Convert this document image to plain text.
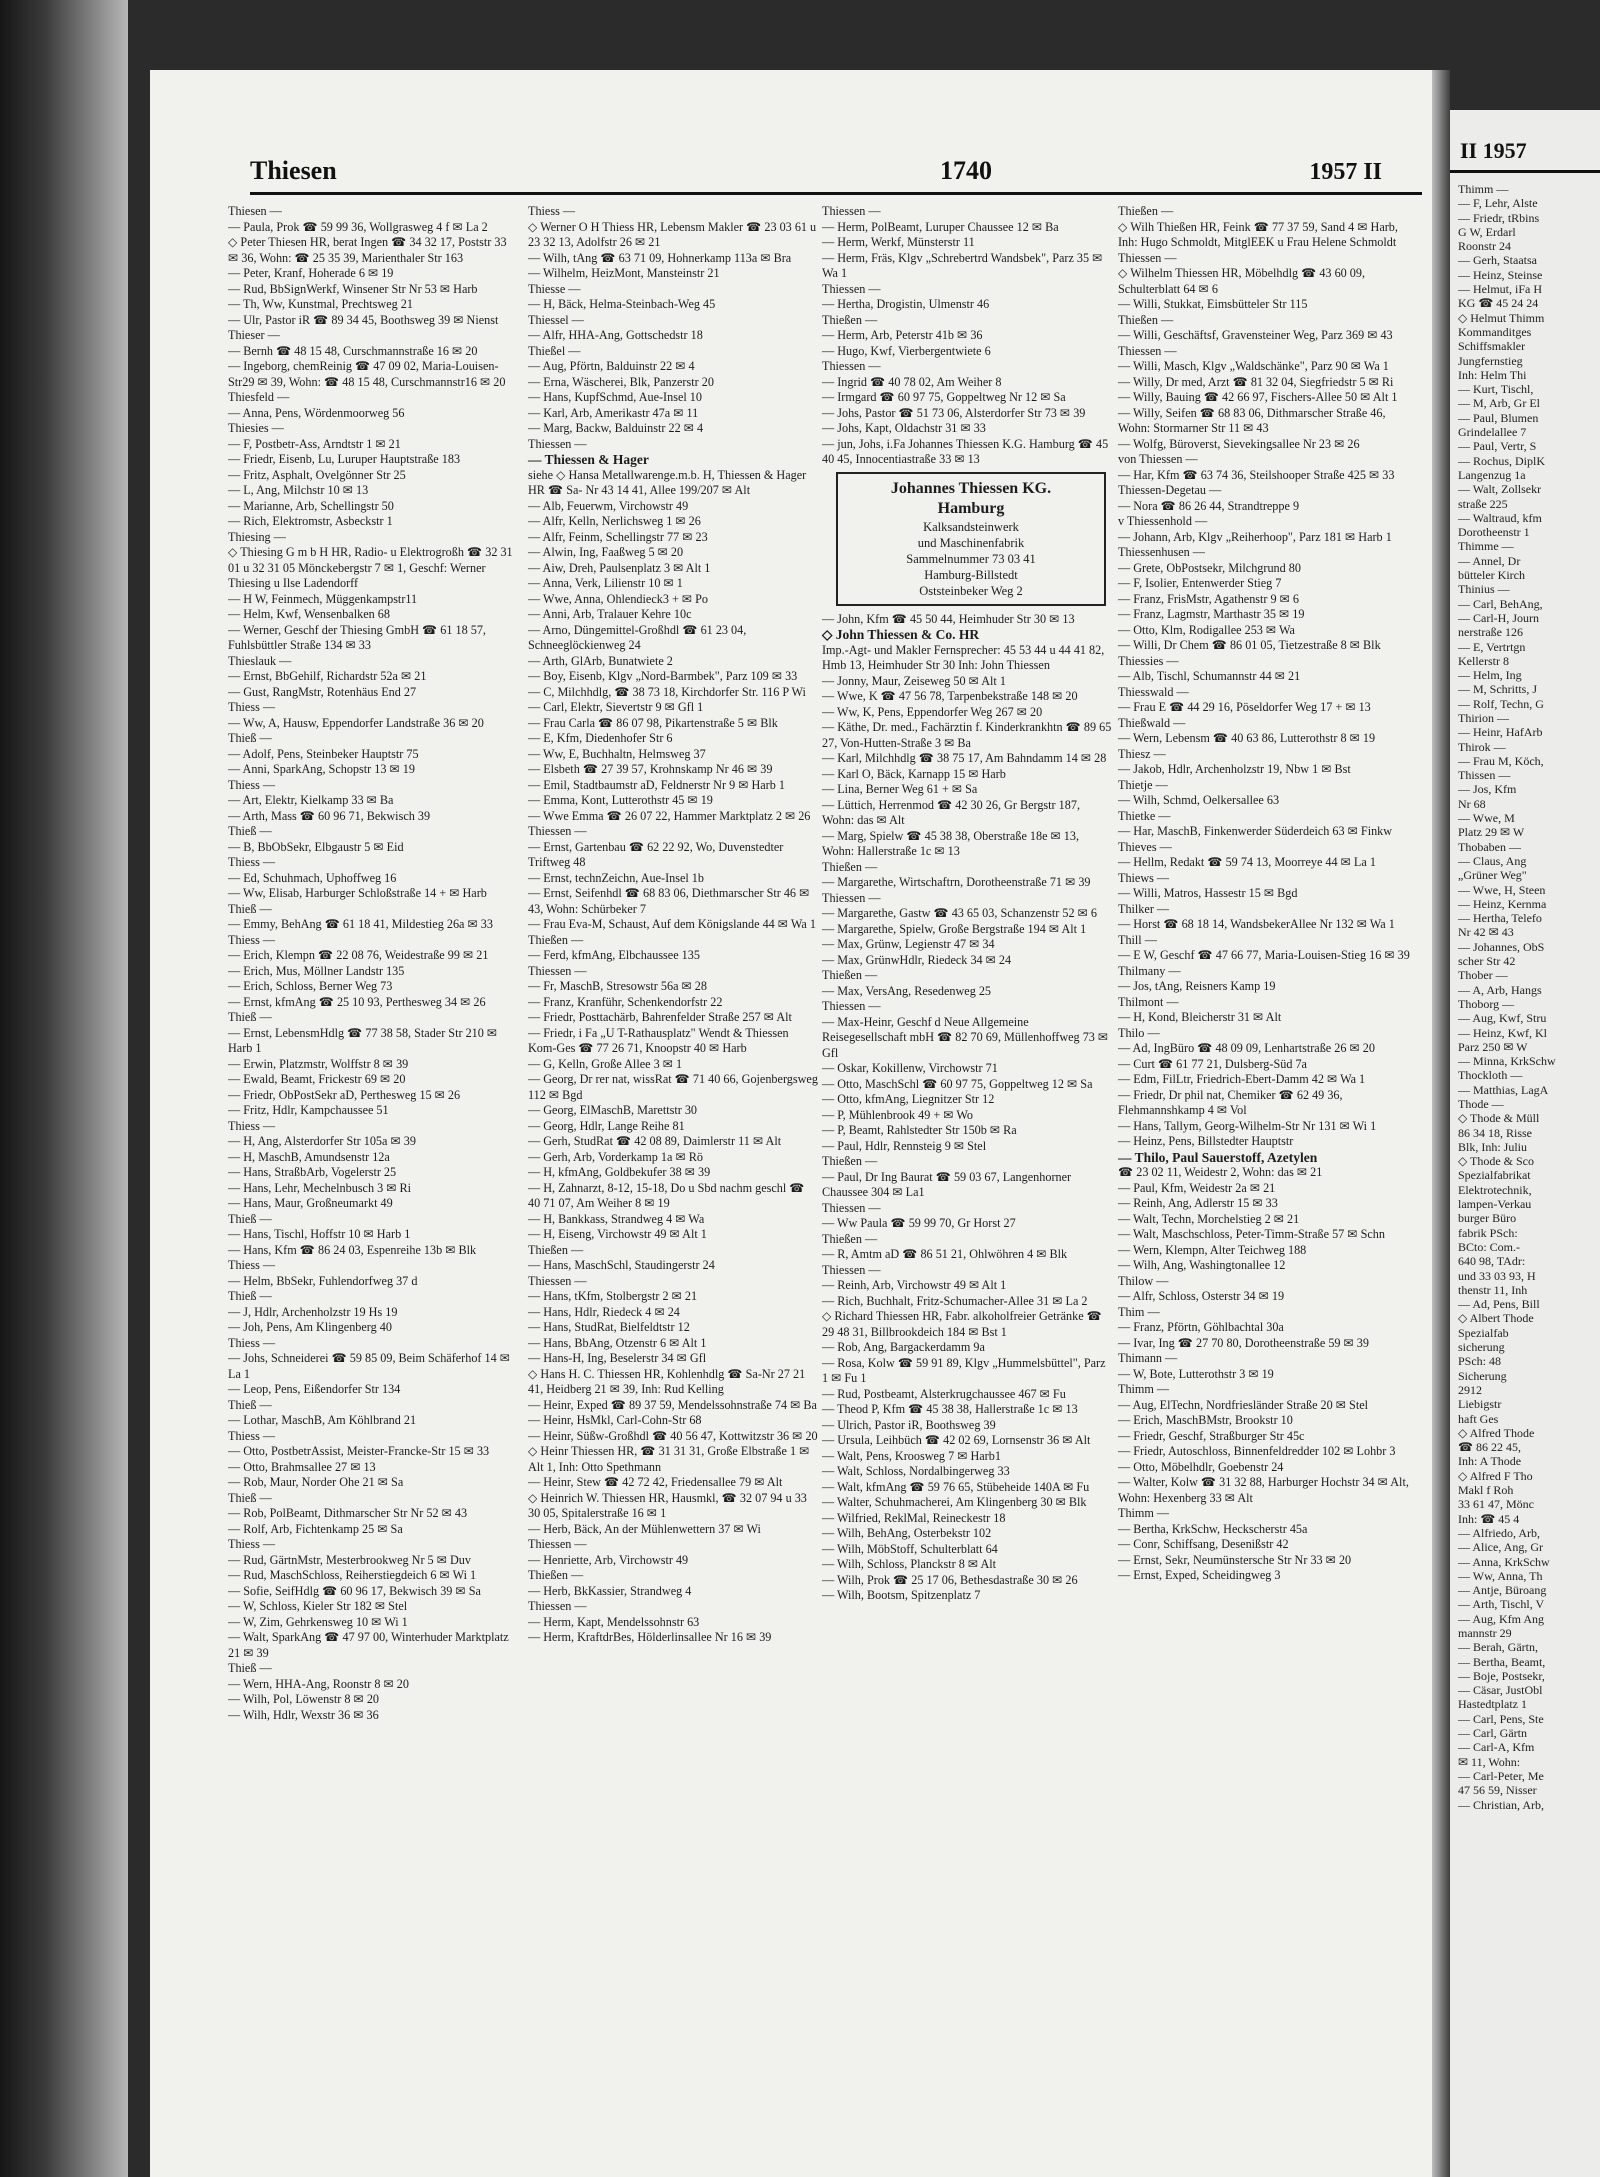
Thiesen	1740	1957 II
Thiesen —
— Paula, Prok ☎ 59 99 36, Wollgrasweg 4 f ✉ La 2
◇ Peter Thiesen HR, berat Ingen ☎ 34 32 17, Poststr 33 ✉ 36, Wohn: ☎ 25 35 39, Marienthaler Str 163
— Peter, Kranf, Hoherade 6 ✉ 19
— Rud, BbSignWerkf, Winsener Str Nr 53 ✉ Harb
— Th, Ww, Kunstmal, Prechtsweg 21
— Ulr, Pastor iR ☎ 89 34 45, Boothsweg 39 ✉ Nienst
Thieser —
— Bernh ☎ 48 15 48, Curschmannstraße 16 ✉ 20
— Ingeborg, chemReinig ☎ 47 09 02, Maria-Louisen-Str29 ✉ 39, Wohn: ☎ 48 15 48, Curschmannstr16 ✉ 20
Thiesfeld —
— Anna, Pens, Wördenmoorweg 56
Thiesies —
— F, Postbetr-Ass, Arndtstr 1 ✉ 21
— Friedr, Eisenb, Lu, Luruper Hauptstraße 183
— Fritz, Asphalt, Ovelgönner Str 25
— L, Ang, Milchstr 10 ✉ 13
— Marianne, Arb, Schellingstr 50
— Rich, Elektromstr, Asbeckstr 1
Thiesing —
◇ Thiesing G m b H HR, Radio- u Elektrogroßh ☎ 32 31 01 u 32 31 05 Mönckebergstr 7 ✉ 1, Geschf: Werner Thiesing u Ilse Ladendorff
— H W, Feinmech, Müggenkampstr11
— Helm, Kwf, Wensenbalken 68
— Werner, Geschf der Thiesing GmbH ☎ 61 18 57, Fuhlsbüttler Straße 134 ✉ 33
Thieslauk —
— Ernst, BbGehilf, Richardstr 52a ✉ 21
— Gust, RangMstr, Rotenhäus End 27
Thiess —
— Ww, A, Hausw, Eppendorfer Landstraße 36 ✉ 20
Thieß —
— Adolf, Pens, Steinbeker Hauptstr 75
— Anni, SparkAng, Schopstr 13 ✉ 19
Thiess —
— Art, Elektr, Kielkamp 33 ✉ Ba
— Arth, Mass ☎ 60 96 71, Bekwisch 39
Thieß —
— B, BbObSekr, Elbgaustr 5 ✉ Eid
Thiess —
— Ed, Schuhmach, Uphoffweg 16
— Ww, Elisab, Harburger Schloßstraße 14 + ✉ Harb
Thieß —
— Emmy, BehAng ☎ 61 18 41, Mildestieg 26a ✉ 33
Thiess —
— Erich, Klempn ☎ 22 08 76, Weidestraße 99 ✉ 21
— Erich, Mus, Möllner Landstr 135
— Erich, Schloss, Berner Weg 73
— Ernst, kfmAng ☎ 25 10 93, Perthesweg 34 ✉ 26
Thieß —
— Ernst, LebensmHdlg ☎ 77 38 58, Stader Str 210 ✉ Harb 1
— Erwin, Platzmstr, Wolffstr 8 ✉ 39
— Ewald, Beamt, Frickestr 69 ✉ 20
— Friedr, ObPostSekr aD, Perthesweg 15 ✉ 26
— Fritz, Hdlr, Kampchaussee 51
Thiess —
— H, Ang, Alsterdorfer Str 105a ✉ 39
— H, MaschB, Amundsenstr 12a
— Hans, StraßbArb, Vogelerstr 25
— Hans, Lehr, Mechelnbusch 3 ✉ Ri
— Hans, Maur, Großneumarkt 49
Thieß —
— Hans, Tischl, Hoffstr 10 ✉ Harb 1
— Hans, Kfm ☎ 86 24 03, Espenreihe 13b ✉ Blk
Thiess —
— Helm, BbSekr, Fuhlendorfweg 37 d
Thieß —
— J, Hdlr, Archenholzstr 19 Hs 19
— Joh, Pens, Am Klingenberg 40
Thiess —
— Johs, Schneiderei ☎ 59 85 09, Beim Schäferhof 14 ✉ La 1
— Leop, Pens, Eißendorfer Str 134
Thieß —
— Lothar, MaschB, Am Köhlbrand 21
Thiess —
— Otto, PostbetrAssist, Meister-Francke-Str 15 ✉ 33
— Otto, Brahmsallee 27 ✉ 13
— Rob, Maur, Norder Ohe 21 ✉ Sa
Thieß —
— Rob, PolBeamt, Dithmarscher Str Nr 52 ✉ 43
— Rolf, Arb, Fichtenkamp 25 ✉ Sa
Thiess —
— Rud, GärtnMstr, Mesterbrookweg Nr 5 ✉ Duv
— Rud, MaschSchloss, Reiherstiegdeich 6 ✉ Wi 1
— Sofie, SeifHdlg ☎ 60 96 17, Bekwisch 39 ✉ Sa
— W, Schloss, Kieler Str 182 ✉ Stel
— W, Zim, Gehrkensweg 10 ✉ Wi 1
— Walt, SparkAng ☎ 47 97 00, Winterhuder Marktplatz 21 ✉ 39
Thieß —
— Wern, HHA-Ang, Roonstr 8 ✉ 20
— Wilh, Pol, Löwenstr 8 ✉ 20
— Wilh, Hdlr, Wexstr 36 ✉ 36
Thiess —
◇ Werner O H Thiess HR, Lebensm Makler ☎ 23 03 61 u 23 32 13, Adolfstr 26 ✉ 21
— Wilh, tAng ☎ 63 71 09, Hohnerkamp 113a ✉ Bra
— Wilhelm, HeizMont, Mansteinstr 21
Thiesse —
— H, Bäck, Helma-Steinbach-Weg 45
Thiessel —
— Alfr, HHA-Ang, Gottschedstr 18
Thießel —
— Aug, Pförtn, Balduinstr 22 ✉ 4
— Erna, Wäscherei, Blk, Panzerstr 20
— Hans, KupfSchmd, Aue-Insel 10
— Karl, Arb, Amerikastr 47a ✉ 11
— Marg, Backw, Balduinstr 22 ✉ 4
Thiessen —
— Thiessen & Hager
siehe ◇ Hansa Metallwarenge.m.b. H, Thiessen & Hager HR ☎ Sa- Nr 43 14 41, Allee 199/207 ✉ Alt
— Alb, Feuerwm, Virchowstr 49
— Alfr, Kelln, Nerlichsweg 1 ✉ 26
— Alfr, Feinm, Schellingstr 77 ✉ 23
— Alwin, Ing, Faaßweg 5 ✉ 20
— Aiw, Dreh, Paulsenplatz 3 ✉ Alt 1
— Anna, Verk, Lilienstr 10 ✉ 1
— Wwe, Anna, Ohlendieck3 + ✉ Po
— Anni, Arb, Tralauer Kehre 10c
— Arno, Düngemittel-Großhdl ☎ 61 23 04, Schneeglöckienweg 24
— Arth, GlArb, Bunatwiete 2
— Boy, Eisenb, Klgv „Nord-Barmbek", Parz 109 ✉ 33
— C, Milchhdlg, ☎ 38 73 18, Kirchdorfer Str. 116 P Wi
— Carl, Elektr, Sievertstr 9 ✉ Gfl 1
— Frau Carla ☎ 86 07 98, Pikartenstraße 5 ✉ Blk
— E, Kfm, Diedenhofer Str 6
— Ww, E, Buchhaltn, Helmsweg 37
— Elsbeth ☎ 27 39 57, Krohnskamp Nr 46 ✉ 39
— Emil, Stadtbaumstr aD, Feldnerstr Nr 9 ✉ Harb 1
— Emma, Kont, Lutterothstr 45 ✉ 19
— Wwe Emma ☎ 26 07 22, Hammer Marktplatz 2 ✉ 26
Thiessen —
— Ernst, Gartenbau ☎ 62 22 92, Wo, Duvenstedter Triftweg 48
— Ernst, technZeichn, Aue-Insel 1b
— Ernst, Seifenhdl ☎ 68 83 06, Diethmarscher Str 46 ✉ 43, Wohn: Schürbeker 7
— Frau Eva-M, Schaust, Auf dem Königslande 44 ✉ Wa 1
Thießen —
— Ferd, kfmAng, Elbchaussee 135
Thiessen —
— Fr, MaschB, Stresowstr 56a ✉ 28
— Franz, Kranführ, Schenkendorfstr 22
— Friedr, Posttachärb, Bahrenfelder Straße 257 ✉ Alt
— Friedr, i Fa „U T-Rathausplatz" Wendt & Thiessen Kom-Ges ☎ 77 26 71, Knoopstr 40 ✉ Harb
— G, Kelln, Große Allee 3 ✉ 1
— Georg, Dr rer nat, wissRat ☎ 71 40 66, Gojenbergsweg 112 ✉ Bgd
— Georg, ElMaschB, Marettstr 30
— Georg, Hdlr, Lange Reihe 81
— Gerh, StudRat ☎ 42 08 89, Daimlerstr 11 ✉ Alt
— Gerh, Arb, Vorderkamp 1a ✉ Rö
— H, kfmAng, Goldbekufer 38 ✉ 39
— H, Zahnarzt, 8-12, 15-18, Do u Sbd nachm geschl ☎ 40 71 07, Am Weiher 8 ✉ 19
— H, Bankkass, Strandweg 4 ✉ Wa
— H, Eiseng, Virchowstr 49 ✉ Alt 1
Thießen —
— Hans, MaschSchl, Staudingerstr 24
Thiessen —
— Hans, tKfm, Stolbergstr 2 ✉ 21
— Hans, Hdlr, Riedeck 4 ✉ 24
— Hans, StudRat, Bielfeldtstr 12
— Hans, BbAng, Otzenstr 6 ✉ Alt 1
— Hans-H, Ing, Beselerstr 34 ✉ Gfl
◇ Hans H. C. Thiessen HR, Kohlenhdlg ☎ Sa-Nr 27 21 41, Heidberg 21 ✉ 39, Inh: Rud Kelling
— Heinr, Exped ☎ 89 37 59, Mendelssohnstraße 74 ✉ Ba
— Heinr, HsMkl, Carl-Cohn-Str 68
— Heinr, Süßw-Großhdl ☎ 40 56 47, Kottwitzstr 36 ✉ 20
◇ Heinr Thiessen HR, ☎ 31 31 31, Große Elbstraße 1 ✉ Alt 1, Inh: Otto Spethmann
— Heinr, Stew ☎ 42 72 42, Friedensallee 79 ✉ Alt
◇ Heinrich W. Thiessen HR, Hausmkl, ☎ 32 07 94 u 33 30 05, Spitalerstraße 16 ✉ 1
— Herb, Bäck, An der Mühlenwettern 37 ✉ Wi
Thiessen —
— Henriette, Arb, Virchowstr 49
Thießen —
— Herb, BkKassier, Strandweg 4
Thiessen —
— Herm, Kapt, Mendelssohnstr 63
— Herm, KraftdrBes, Hölderlinsallee Nr 16 ✉ 39
Thiessen —
— Herm, PolBeamt, Luruper Chaussee 12 ✉ Ba
— Herm, Werkf, Münsterstr 11
— Herm, Fräs, Klgv „Schrebertrd Wandsbek", Parz 35 ✉ Wa 1
Thiessen —
— Hertha, Drogistin, Ulmenstr 46
Thießen —
— Herm, Arb, Peterstr 41b ✉ 36
— Hugo, Kwf, Vierbergentwiete 6
Thiessen —
— Ingrid ☎ 40 78 02, Am Weiher 8
— Irmgard ☎ 60 97 75, Goppeltweg Nr 12 ✉ Sa
— Johs, Pastor ☎ 51 73 06, Alsterdorfer Str 73 ✉ 39
— Johs, Kapt, Oldachstr 31 ✉ 33
— jun, Johs, i.Fa Johannes Thiessen K.G. Hamburg ☎ 45 40 45, Innocentiastraße 33 ✉ 13
Johannes Thiessen KG.
Hamburg
Kalksandsteinwerk
und Maschinenfabrik
Sammelnummer 73 03 41
Hamburg-Billstedt
Oststeinbeker Weg 2
— John, Kfm ☎ 45 50 44, Heimhuder Str 30 ✉ 13
◇ John Thiessen & Co. HR
Imp.-Agt- und Makler Fernsprecher: 45 53 44 u 44 41 82, Hmb 13, Heimhuder Str 30 Inh: John Thiessen
— Jonny, Maur, Zeiseweg 50 ✉ Alt 1
— Wwe, K ☎ 47 56 78, Tarpenbekstraße 148 ✉ 20
— Ww, K, Pens, Eppendorfer Weg 267 ✉ 20
— Käthe, Dr. med., Fachärztin f. Kinderkrankhtn ☎ 89 65 27, Von-Hutten-Straße 3 ✉ Ba
— Karl, Milchhdlg ☎ 38 75 17, Am Bahndamm 14 ✉ 28
— Karl O, Bäck, Karnapp 15 ✉ Harb
— Lina, Berner Weg 61 + ✉ Sa
— Lüttich, Herrenmod ☎ 42 30 26, Gr Bergstr 187, Wohn: das ✉ Alt
— Marg, Spielw ☎ 45 38 38, Oberstraße 18e ✉ 13, Wohn: Hallerstraße 1c ✉ 13
Thießen —
— Margarethe, Wirtschaftrn, Dorotheenstraße 71 ✉ 39
Thiessen —
— Margarethe, Gastw ☎ 43 65 03, Schanzenstr 52 ✉ 6
— Margarethe, Spielw, Große Bergstraße 194 ✉ Alt 1
— Max, Grünw, Legienstr 47 ✉ 34
— Max, GrünwHdlr, Riedeck 34 ✉ 24
Thießen —
— Max, VersAng, Resedenweg 25
Thiessen —
— Max-Heinr, Geschf d Neue Allgemeine Reisegesellschaft mbH ☎ 82 70 69, Müllenhoffweg 73 ✉ Gfl
— Oskar, Kokillenw, Virchowstr 71
— Otto, MaschSchl ☎ 60 97 75, Goppeltweg 12 ✉ Sa
— Otto, kfmAng, Liegnitzer Str 12
— P, Mühlenbrook 49 + ✉ Wo
— P, Beamt, Rahlstedter Str 150b ✉ Ra
— Paul, Hdlr, Rennsteig 9 ✉ Stel
Thießen —
— Paul, Dr Ing Baurat ☎ 59 03 67, Langenhorner Chaussee 304 ✉ La1
Thiessen —
— Ww Paula ☎ 59 99 70, Gr Horst 27
Thießen —
— R, Amtm aD ☎ 86 51 21, Ohlwöhren 4 ✉ Blk
Thiessen —
— Reinh, Arb, Virchowstr 49 ✉ Alt 1
— Rich, Buchhalt, Fritz-Schumacher-Allee 31 ✉ La 2
◇ Richard Thiessen HR, Fabr. alkoholfreier Getränke ☎ 29 48 31, Billbrookdeich 184 ✉ Bst 1
— Rob, Ang, Bargackerdamm 9a
— Rosa, Kolw ☎ 59 91 89, Klgv „Hummelsbüttel", Parz 1 ✉ Fu 1
— Rud, Postbeamt, Alsterkrugchaussee 467 ✉ Fu
— Theod P, Kfm ☎ 45 38 38, Hallerstraße 1c ✉ 13
— Ulrich, Pastor iR, Boothsweg 39
— Ursula, Leihbüch ☎ 42 02 69, Lornsenstr 36 ✉ Alt
— Walt, Pens, Kroosweg 7 ✉ Harb1
— Walt, Schloss, Nordalbingerweg 33
— Walt, kfmAng ☎ 59 76 65, Stübeheide 140A ✉ Fu
— Walter, Schuhmacherei, Am Klingenberg 30 ✉ Blk
— Wilfried, ReklMal, Reineckestr 18
— Wilh, BehAng, Osterbekstr 102
— Wilh, MöbStoff, Schulterblatt 64
— Wilh, Schloss, Planckstr 8 ✉ Alt
— Wilh, Prok ☎ 25 17 06, Bethesdastraße 30 ✉ 26
— Wilh, Bootsm, Spitzenplatz 7
Thießen —
◇ Wilh Thießen HR, Feink ☎ 77 37 59, Sand 4 ✉ Harb, Inh: Hugo Schmoldt, MitglEEK u Frau Helene Schmoldt
Thiessen —
◇ Wilhelm Thiessen HR, Möbelhdlg ☎ 43 60 09, Schulterblatt 64 ✉ 6
— Willi, Stukkat, Eimsbütteler Str 115
Thießen —
— Willi, Geschäftsf, Gravensteiner Weg, Parz 369 ✉ 43
Thiessen —
— Willi, Masch, Klgv „Waldschänke", Parz 90 ✉ Wa 1
— Willy, Dr med, Arzt ☎ 81 32 04, Siegfriedstr 5 ✉ Ri
— Willy, Bauing ☎ 42 66 97, Fischers-Allee 50 ✉ Alt 1
— Willy, Seifen ☎ 68 83 06, Dithmarscher Straße 46, Wohn: Stormarner Str 11 ✉ 43
— Wolfg, Büroverst, Sievekingsallee Nr 23 ✉ 26
von Thiessen —
— Har, Kfm ☎ 63 74 36, Steilshooper Straße 425 ✉ 33
Thiessen-Degetau —
— Nora ☎ 86 26 44, Strandtreppe 9
v Thiessenhold —
— Johann, Arb, Klgv „Reiherhoop", Parz 181 ✉ Harb 1
Thiessenhusen —
— Grete, ObPostsekr, Milchgrund 80
— F, Isolier, Entenwerder Stieg 7
— Franz, FrisMstr, Agathenstr 9 ✉ 6
— Franz, Lagmstr, Marthastr 35 ✉ 19
— Otto, Klm, Rodigallee 253 ✉ Wa
— Willi, Dr Chem ☎ 86 01 05, Tietzestraße 8 ✉ Blk
Thiessies —
— Alb, Tischl, Schumannstr 44 ✉ 21
Thiesswald —
— Frau E ☎ 44 29 16, Pöseldorfer Weg 17 + ✉ 13
Thießwald —
— Wern, Lebensm ☎ 40 63 86, Lutterothstr 8 ✉ 19
Thiesz —
— Jakob, Hdlr, Archenholzstr 19, Nbw 1 ✉ Bst
Thietje —
— Wilh, Schmd, Oelkersallee 63
Thietke —
— Har, MaschB, Finkenwerder Süderdeich 63 ✉ Finkw
Thieves —
— Hellm, Redakt ☎ 59 74 13, Moorreye 44 ✉ La 1
Thiews —
— Willi, Matros, Hassestr 15 ✉ Bgd
Thilker —
— Horst ☎ 68 18 14, WandsbekerAllee Nr 132 ✉ Wa 1
Thill —
— E W, Geschf ☎ 47 66 77, Maria-Louisen-Stieg 16 ✉ 39
Thilmany —
— Jos, tAng, Reisners Kamp 19
Thilmont —
— H, Kond, Bleicherstr 31 ✉ Alt
Thilo —
— Ad, IngBüro ☎ 48 09 09, Lenhartstraße 26 ✉ 20
— Curt ☎ 61 77 21, Dulsberg-Süd 7a
— Edm, FilLtr, Friedrich-Ebert-Damm 42 ✉ Wa 1
— Friedr, Dr phil nat, Chemiker ☎ 62 49 36, Flehmannshkamp 4 ✉ Vol
— Hans, Tallym, Georg-Wilhelm-Str Nr 131 ✉ Wi 1
— Heinz, Pens, Billstedter Hauptstr
— Thilo, Paul Sauerstoff, Azetylen
☎ 23 02 11, Weidestr 2, Wohn: das ✉ 21
— Paul, Kfm, Weidestr 2a ✉ 21
— Reinh, Ang, Adlerstr 15 ✉ 33
— Walt, Techn, Morchelstieg 2 ✉ 21
— Walt, Maschschloss, Peter-Timm-Straße 57 ✉ Schn
— Wern, Klempn, Alter Teichweg 188
— Wilh, Ang, Washingtonallee 12
Thilow —
— Alfr, Schloss, Osterstr 34 ✉ 19
Thim —
— Franz, Pförtn, Göhlbachtal 30a
— Ivar, Ing ☎ 27 70 80, Dorotheenstraße 59 ✉ 39
Thimann —
— W, Bote, Lutterothstr 3 ✉ 19
Thimm —
— Aug, ElTechn, Nordfriesländer Straße 20 ✉ Stel
— Erich, MaschBMstr, Brookstr 10
— Friedr, Geschf, Straßburger Str 45c
— Friedr, Autoschloss, Binnenfeldredder 102 ✉ Lohbr 3
— Otto, Möbelhdlr, Goebenstr 24
— Walter, Kolw ☎ 31 32 88, Harburger Hochstr 34 ✉ Alt, Wohn: Hexenberg 33 ✉ Alt
Thimm —
— Bertha, KrkSchw, Heckscherstr 45a
— Conr, Schiffsang, Desenißstr 42
— Ernst, Sekr, Neumünstersche Str Nr 33 ✉ 20
— Ernst, Exped, Scheidingweg 3
II 1957
Thimm —
— F, Lehr, Alste
— Friedr, tRbins
G W, Erdarl
Roonstr 24
— Gerh, Staatsa
— Heinz, Steinse
— Helmut, iFa H
KG ☎ 45 24 24
◇ Helmut Thimm
Kommanditges
Schiffsmakler
Jungfernstieg
Inh: Helm Thi
— Kurt, Tischl,
— M, Arb, Gr El
— Paul, Blumen
Grindelallee 7
— Paul, Vertr, S
— Rochus, DiplK
Langenzug 1a
— Walt, Zollsekr
straße 225
— Waltraud, kfm
Dorotheenstr 1
Thimme —
— Annel, Dr
bütteler Kirch
Thinius —
— Carl, BehAng,
— Carl-H, Journ
nerstraße 126
— E, Vertrtgn
Kellerstr 8
— Helm, Ing
— M, Schritts, J
— Rolf, Techn, G
Thirion —
— Heinr, HafArb
Thirok —
— Frau M, Köch,
Thissen —
— Jos, Kfm
Nr 68
— Wwe, M
Platz 29 ✉ W
Thobaben —
— Claus, Ang
„Grüner Weg"
— Wwe, H, Steen
— Heinz, Kernma
— Hertha, Telefo
Nr 42 ✉ 43
— Johannes, ObS
scher Str 42
Thober —
— A, Arb, Hangs
Thoborg —
— Aug, Kwf, Stru
— Heinz, Kwf, Kl
Parz 250 ✉ W
— Minna, KrkSchw
Thockloth —
— Matthias, LagA
Thode —
◇ Thode & Müll
86 34 18, Risse
Blk, Inh: Juliu
◇ Thode & Sco
Spezialfabrikat
Elektrotechnik,
lampen-Verkau
burger Büro
fabrik PSch:
BCto: Com.-
640 98, TAdr:
und 33 03 93, H
thenstr 11, Inh
— Ad, Pens, Bill
◇ Albert Thode
Spezialfab
sicherung
PSch: 48
Sicherung
2912
Liebigstr
haft Ges
◇ Alfred Thode
☎ 86 22 45,
Inh: A Thode
◇ Alfred F Tho
Makl f Roh
33 61 47, Mönc
Inh: ☎ 45 4
— Alfriedo, Arb,
— Alice, Ang, Gr
— Anna, KrkSchw
— Ww, Anna, Th
— Antje, Büroang
— Arth, Tischl, V
— Aug, Kfm Ang
mannstr 29
— Berah, Gärtn,
— Bertha, Beamt,
— Boje, Postsekr,
— Cäsar, JustObl
Hastedtplatz 1
— Carl, Pens, Ste
— Carl, Gärtn
— Carl-A, Kfm
✉ 11, Wohn:
— Carl-Peter, Me
47 56 59, Nisser
— Christian, Arb,
